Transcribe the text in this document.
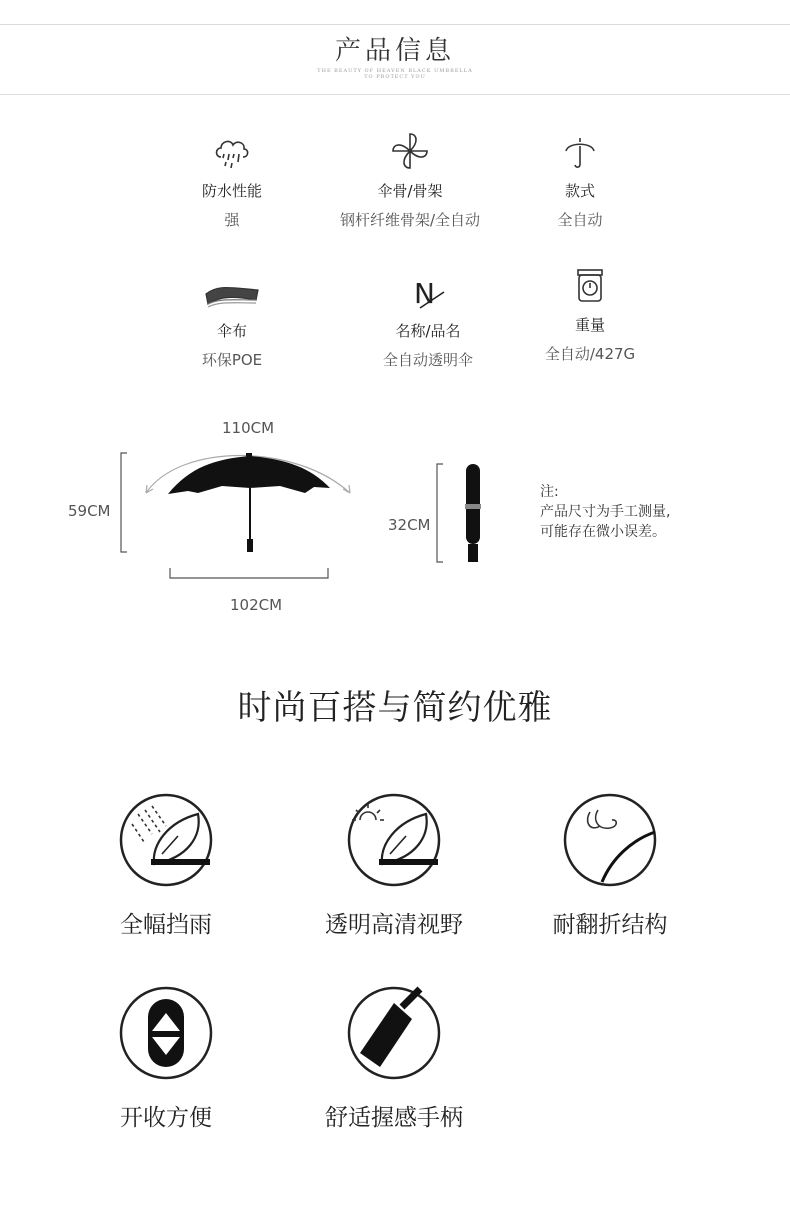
产品信息
THE BEAUTY OF HEAVEN BLACK UMBRELLA
TO PROTECT YOU
防水性能
强
伞骨/骨架
钢杆纤维骨架/全自动
款式
全自动
伞布
环保POE
N
名称/品名
全自动透明伞
重量
全自动/427G
110CM
59CM
102CM
32CM
注:
产品尺寸为手工测量,
可能存在微小误差。
时尚百搭与简约优雅
全幅挡雨	透明高清视野	耐翻折结构
开收方便	舒适握感手柄
